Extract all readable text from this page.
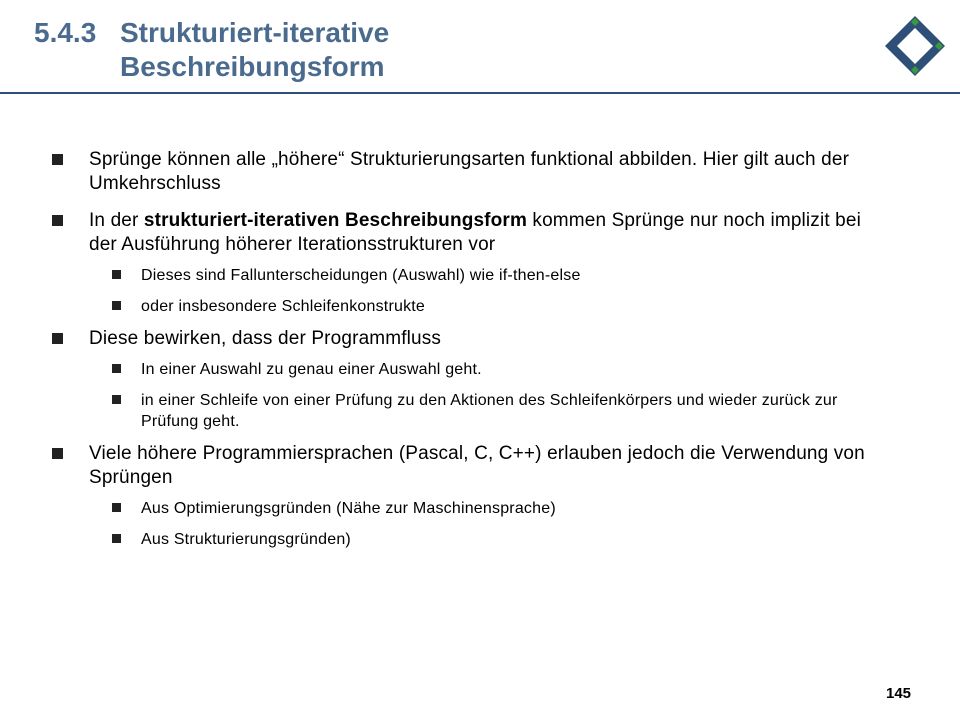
5.4.3 Strukturiert-iterative
Beschreibungsform
Sprünge können alle „höhere“ Strukturierungsarten funktional abbilden. Hier gilt auch der Umkehrschluss
In der strukturiert-iterativen Beschreibungsform kommen Sprünge nur noch implizit bei der Ausführung höherer Iterationsstrukturen vor
Dieses sind Fallunterscheidungen (Auswahl) wie if-then-else
oder insbesondere Schleifenkonstrukte
Diese bewirken, dass der Programmfluss
In einer Auswahl zu genau einer Auswahl geht.
in einer Schleife von einer Prüfung zu den Aktionen des Schleifenkörpers und wieder zurück zur Prüfung geht.
Viele höhere Programmiersprachen (Pascal, C, C++) erlauben jedoch die Verwendung von Sprüngen
Aus Optimierungsgründen (Nähe zur Maschinensprache)
Aus Strukturierungsgründen)
145
